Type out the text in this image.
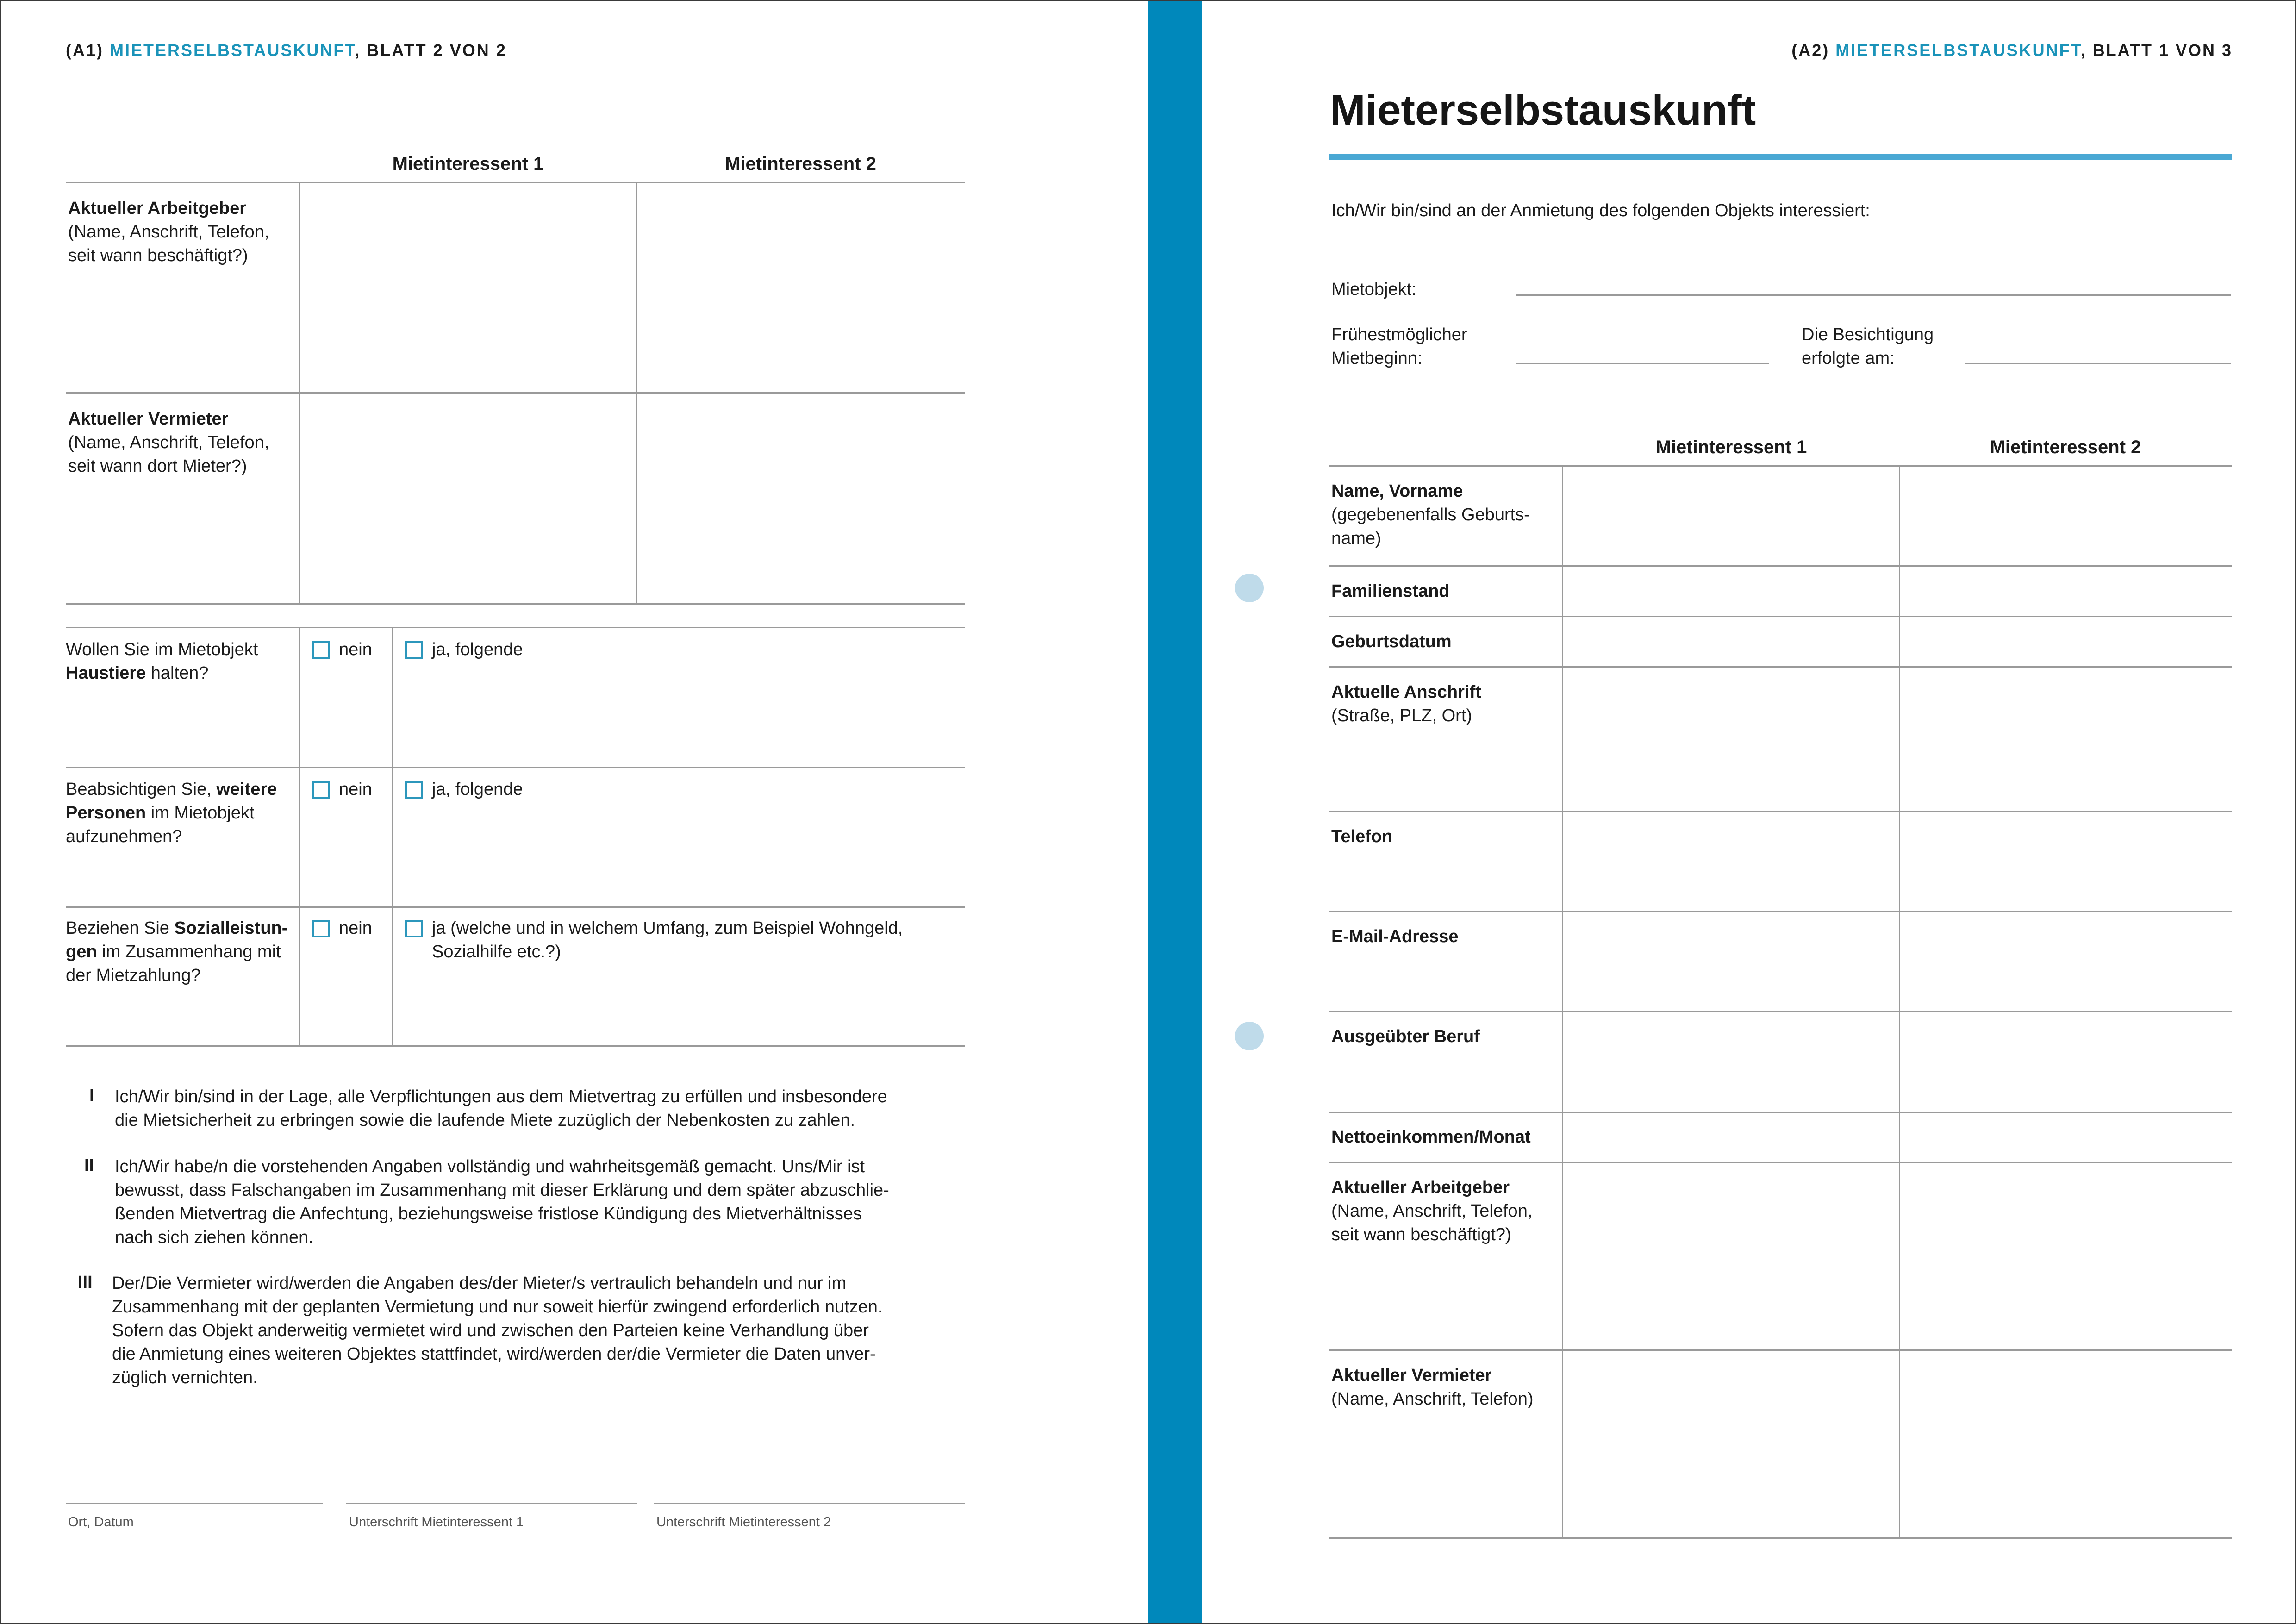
(A1) MIETERSELBSTAUSKUNFT, BLATT 2 VON 2
Mietinteressent 1	Mietinteressent 2
Aktueller Arbeitgeber
(Name, Anschrift, Telefon,
seit wann beschäftigt?)
Aktueller Vermieter
(Name, Anschrift, Telefon,
seit wann dort Mieter?)
Wollen Sie im Mietobjekt
Haustiere halten?
nein	ja, folgende
Beabsichtigen Sie, weitere
Personen im Mietobjekt
aufzunehmen?
nein	ja, folgende
Beziehen Sie Sozialleistun-
gen im Zusammenhang mit
der Mietzahlung?
nein	ja (welche und in welchem Umfang, zum Beispiel Wohngeld,
Sozialhilfe etc.?)
I Ich/Wir bin/sind in der Lage, alle Verpflichtungen aus dem Mietvertrag zu erfüllen und insbesondere
die Mietsicherheit zu erbringen sowie die laufende Miete zuzüglich der Nebenkosten zu zahlen.
II Ich/Wir habe/n die vorstehenden Angaben vollständig und wahrheitsgemäß gemacht. Uns/Mir ist
bewusst, dass Falschangaben im Zusammenhang mit dieser Erklärung und dem später abzuschlie-
ßenden Mietvertrag die Anfechtung, beziehungsweise fristlose Kündigung des Mietverhältnisses
nach sich ziehen können.
III Der/Die Vermieter wird/werden die Angaben des/der Mieter/s vertraulich behandeln und nur im
Zusammenhang mit der geplanten Vermietung und nur soweit hierfür zwingend erforderlich nutzen.
Sofern das Objekt anderweitig vermietet wird und zwischen den Parteien keine Verhandlung über
die Anmietung eines weiteren Objektes stattfindet, wird/werden der/die Vermieter die Daten unver-
züglich vernichten.
Ort, Datum	Unterschrift Mietinteressent 1	Unterschrift Mietinteressent 2
(A2) MIETERSELBSTAUSKUNFT, BLATT 1 VON 3
Mieterselbstauskunft
Ich/Wir bin/sind an der Anmietung des folgenden Objekts interessiert:
Mietobjekt:
Frühestmöglicher
Mietbeginn:
Die Besichtigung
erfolgte am:
Mietinteressent 1	Mietinteressent 2
Name, Vorname
(gegebenenfalls Geburts-
name)
Familienstand
Geburtsdatum
Aktuelle Anschrift
(Straße, PLZ, Ort)
Telefon
E-Mail-Adresse
Ausgeübter Beruf
Nettoeinkommen/Monat
Aktueller Arbeitgeber
(Name, Anschrift, Telefon,
seit wann beschäftigt?)
Aktueller Vermieter
(Name, Anschrift, Telefon)
